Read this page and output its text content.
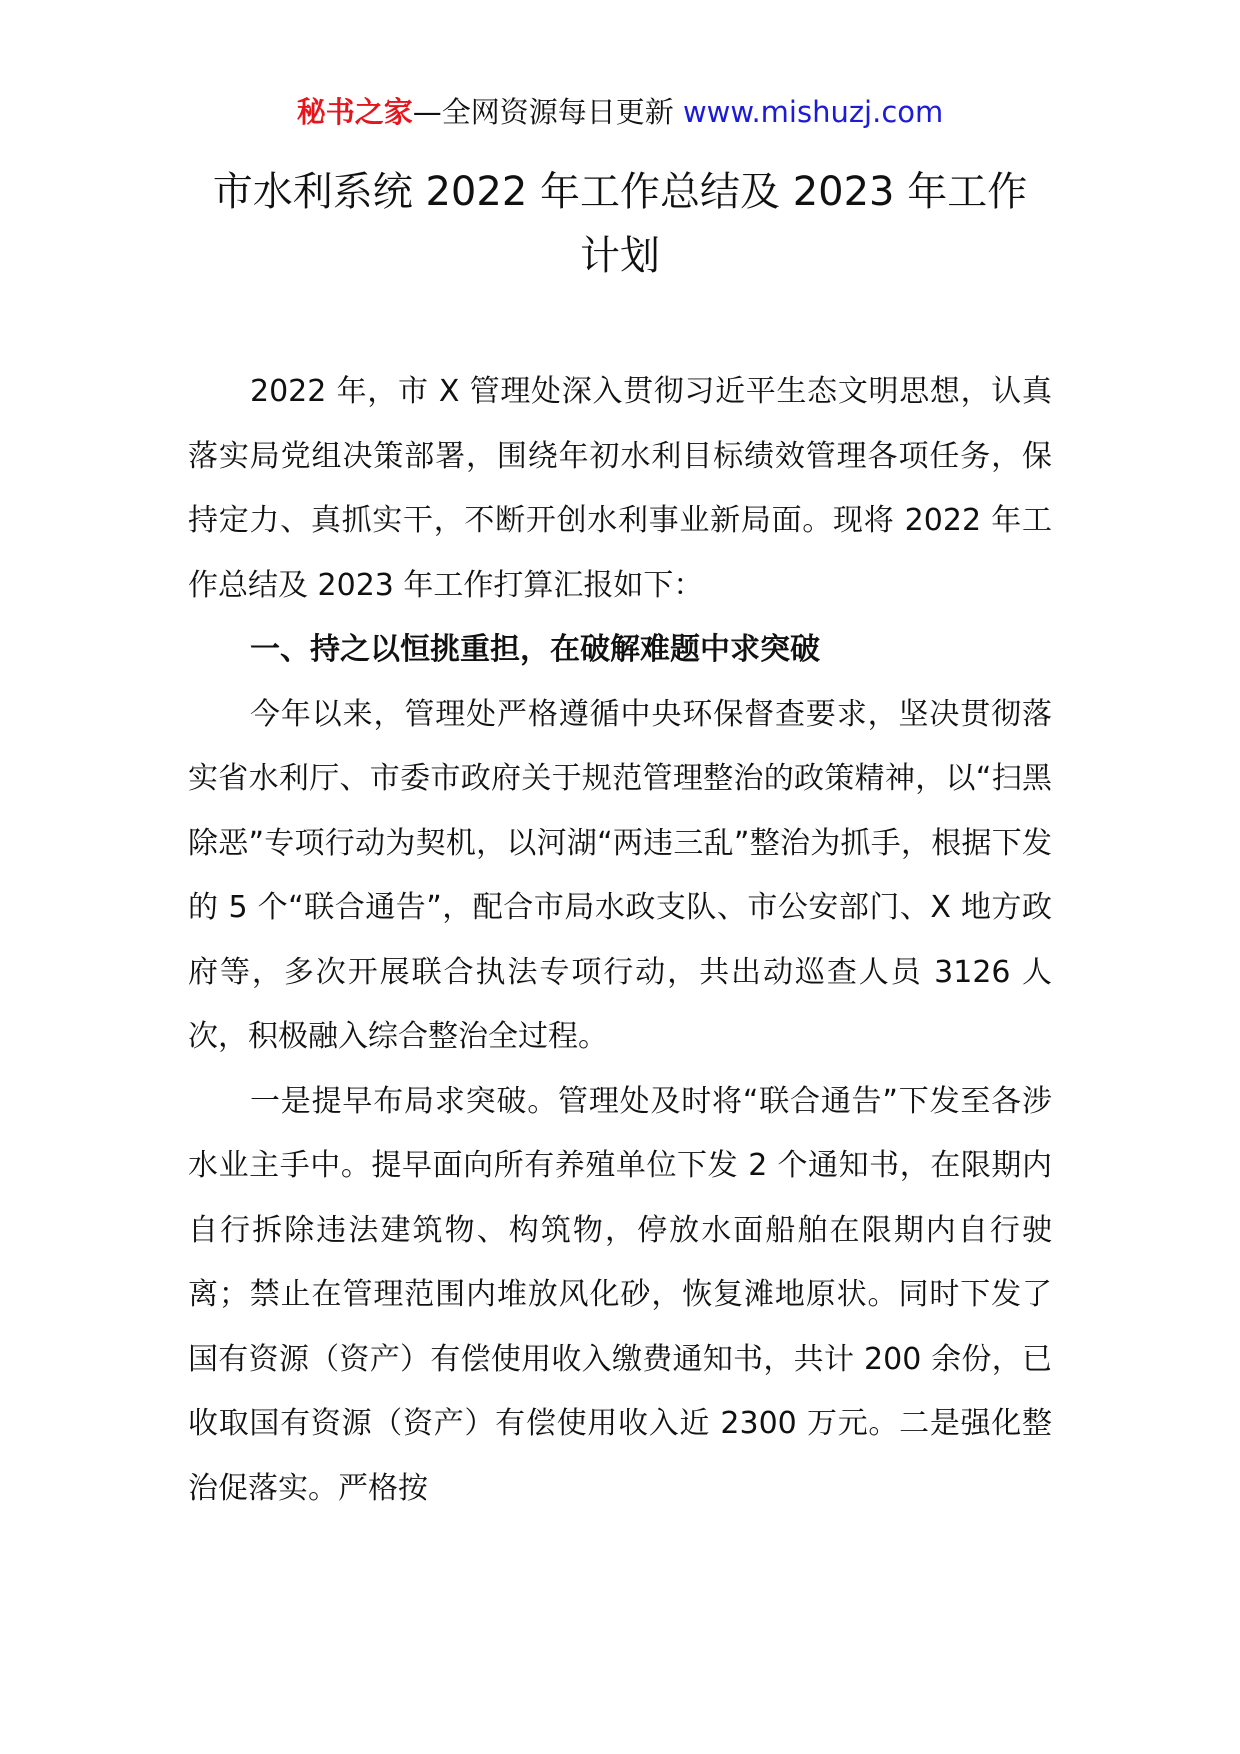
秘书之家—全网资源每日更新 www.mishuzj.com
市水利系统 2022 年工作总结及 2023 年工作
计划

2022 年，市 X 管理处深入贯彻习近平生态文明思想，认真落实局党组决策部署，围绕年初水利目标绩效管理各项任务，保持定力、真抓实干，不断开创水利事业新局面。现将 2022 年工作总结及 2023 年工作打算汇报如下：

一、持之以恒挑重担，在破解难题中求突破

今年以来，管理处严格遵循中央环保督查要求，坚决贯彻落实省水利厅、市委市政府关于规范管理整治的政策精神，以“扫黑除恶”专项行动为契机，以河湖“两违三乱”整治为抓手，根据下发的 5 个“联合通告”，配合市局水政支队、市公安部门、X 地方政府等，多次开展联合执法专项行动，共出动巡查人员 3126 人次，积极融入综合整治全过程。

一是提早布局求突破。管理处及时将“联合通告”下发至各涉水业主手中。提早面向所有养殖单位下发 2 个通知书，在限期内自行拆除违法建筑物、构筑物，停放水面船舶在限期内自行驶离；禁止在管理范围内堆放风化砂，恢复滩地原状。同时下发了国有资源（资产）有偿使用收入缴费通知书，共计 200 余份，已收取国有资源（资产）有偿使用收入近 2300 万元。二是强化整治促落实。严格按
